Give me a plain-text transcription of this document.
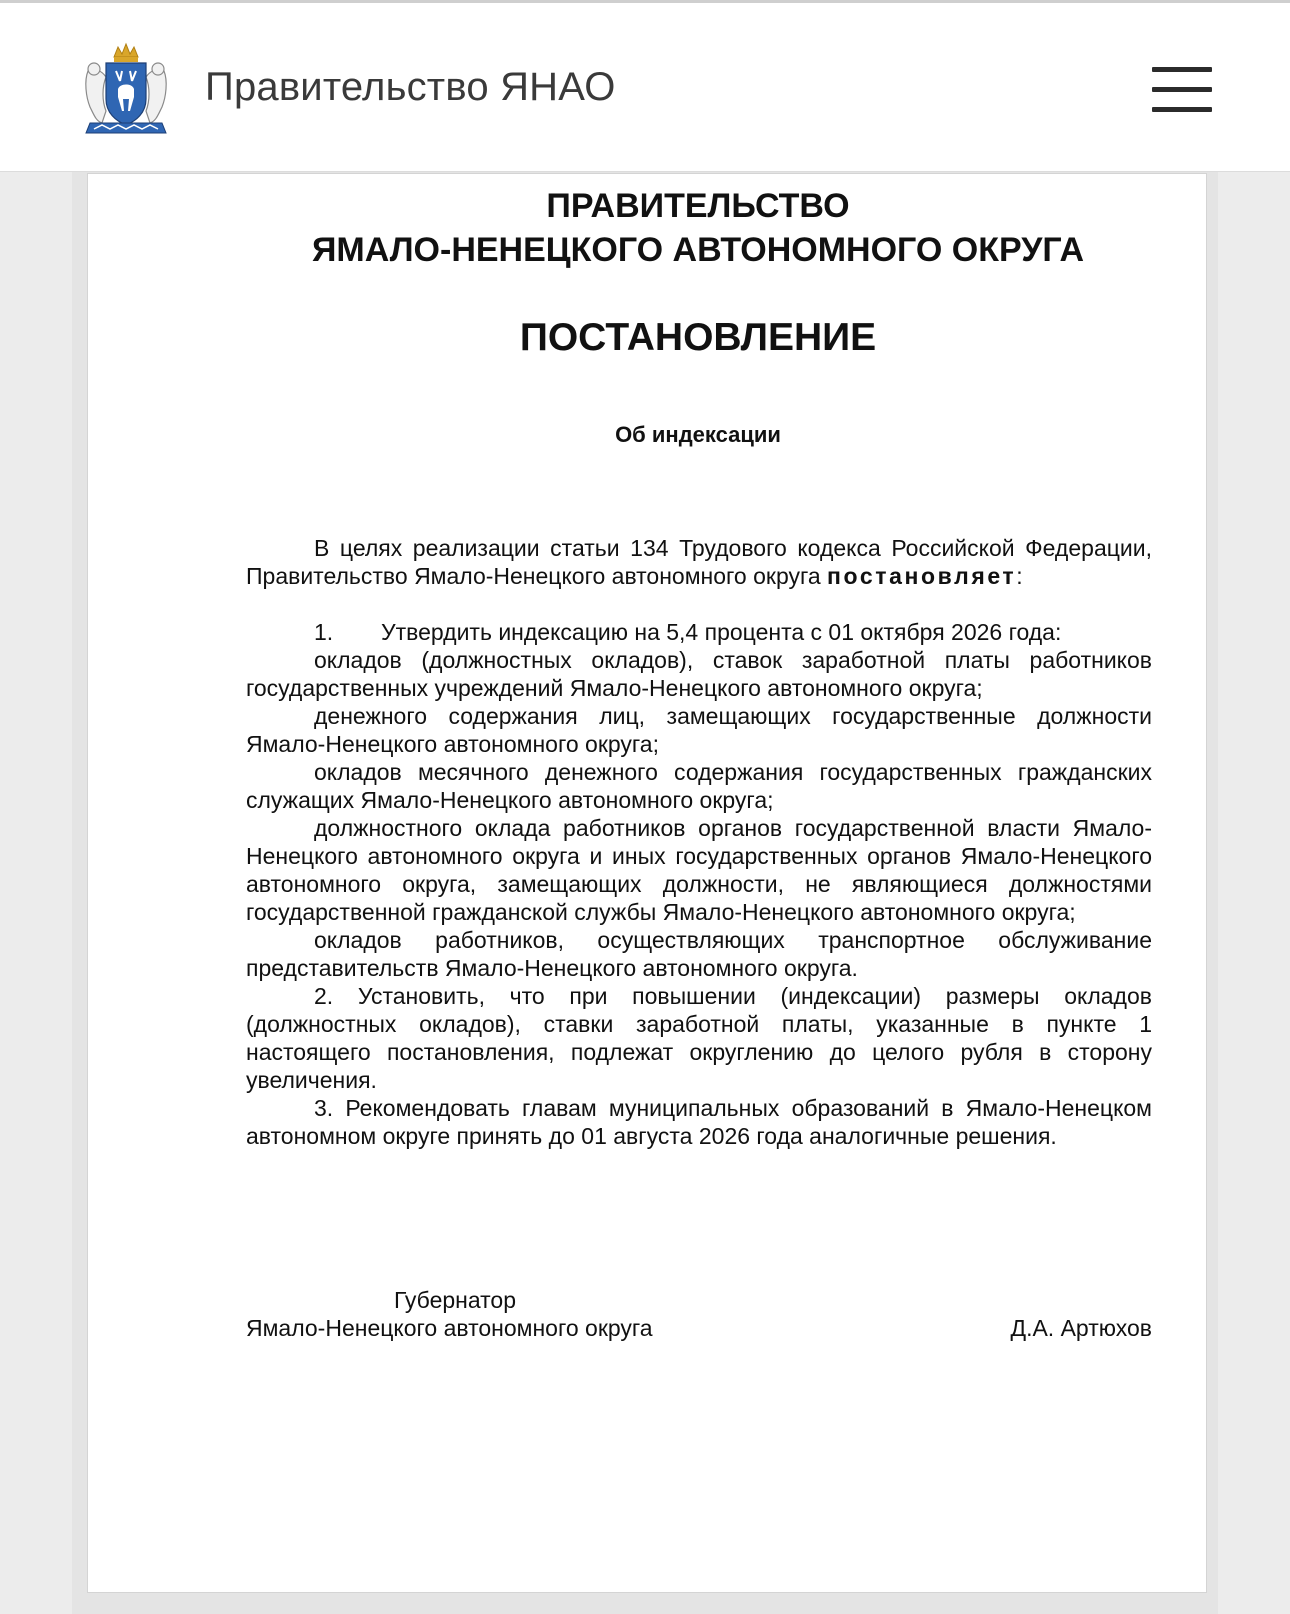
Правительство ЯНАО
ПРАВИТЕЛЬСТВО
ЯМАЛО-НЕНЕЦКОГО АВТОНОМНОГО ОКРУГА
ПОСТАНОВЛЕНИЕ
Об индексации

В целях реализации статьи 134 Трудового кодекса Российской Федерации, Правительство Ямало-Ненецкого автономного округа постановляет:

1. Утвердить индексацию на 5,4 процента с 01 октября 2026 года:

окладов (должностных окладов), ставок заработной платы работников государственных учреждений Ямало-Ненецкого автономного округа;

денежного содержания лиц, замещающих государственные должности Ямало-Ненецкого автономного округа;

окладов месячного денежного содержания государственных гражданских служащих Ямало-Ненецкого автономного округа;

должностного оклада работников органов государственной власти Ямало-Ненецкого автономного округа и иных государственных органов Ямало-Ненецкого автономного округа, замещающих должности, не являющиеся должностями государственной гражданской службы Ямало-Ненецкого автономного округа;

окладов работников, осуществляющих транспортное обслуживание представительств Ямало-Ненецкого автономного округа.

2. Установить, что при повышении (индексации) размеры окладов (должностных окладов), ставки заработной платы, указанные в пункте 1 настоящего постановления, подлежат округлению до целого рубля в сторону увеличения.

3. Рекомендовать главам муниципальных образований в Ямало-Ненецком автономном округе принять до 01 августа 2026 года аналогичные решения.

Губернатор
Ямало-Ненецкого автономного округа	Д.А. Артюхов
